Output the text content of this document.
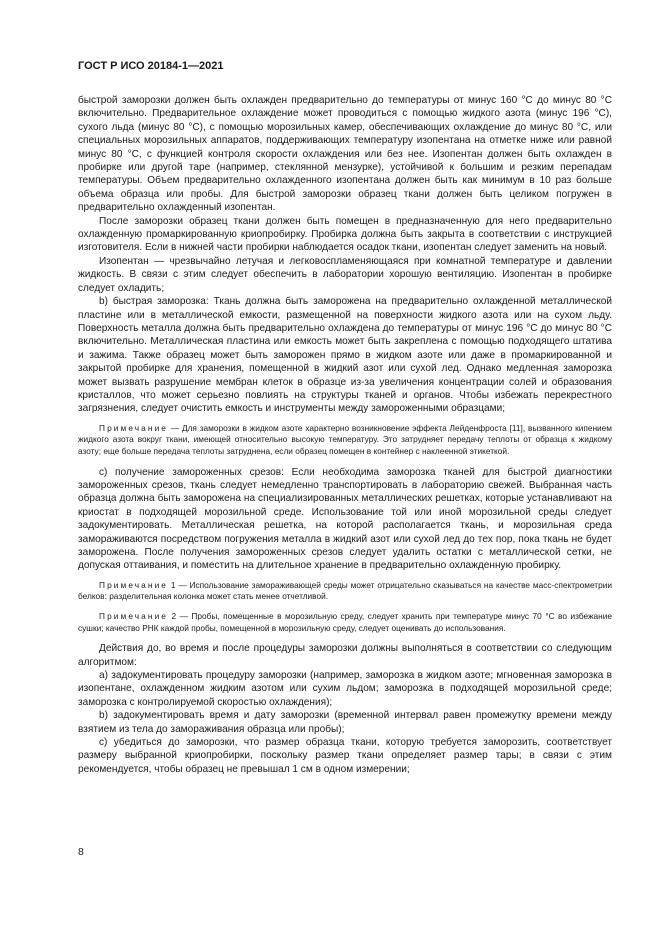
ГОСТ Р ИСО 20184-1—2021

быстрой заморозки должен быть охлажден предварительно до температуры от минус 160 °С до минус 80 °С включительно. Предварительное охлаждение может проводиться с помощью жидкого азота (минус 196 °С), сухого льда (минус 80 °С), с помощью морозильных камер, обеспечивающих охлаждение до минус 80 °С, или специальных морозильных аппаратов, поддерживающих температуру изопентана на отметке ниже или равной минус 80 °С, с функцией контроля скорости охлаждения или без нее. Изопентан должен быть охлажден в пробирке или другой таре (например, стеклянной мензурке), устойчивой к большим и резким перепадам температуры. Объем предварительно охлажденного изопентана должен быть как минимум в 10 раз больше объема образца или пробы. Для быстрой заморозки образец ткани должен быть целиком погружен в предварительно охлажденный изопентан.

После заморозки образец ткани должен быть помещен в предназначенную для него предварительно охлажденную промаркированную криопробирку. Пробирка должна быть закрыта в соответствии с инструкцией изготовителя. Если в нижней части пробирки наблюдается осадок ткани, изопентан следует заменить на новый.

Изопентан — чрезвычайно летучая и легковоспламеняющаяся при комнатной температуре и давлении жидкость. В связи с этим следует обеспечить в лаборатории хорошую вентиляцию. Изопентан в пробирке следует охладить;

b) быстрая заморозка: Ткань должна быть заморожена на предварительно охлажденной металлической пластине или в металлической емкости, размещенной на поверхности жидкого азота или на сухом льду. Поверхность металла должна быть предварительно охлаждена до температуры от минус 196 °С до минус 80 °С включительно. Металлическая пластина или емкость может быть закреплена с помощью подходящего штатива и зажима. Также образец может быть заморожен прямо в жидком азоте или даже в промаркированной и закрытой пробирке для хранения, помещенной в жидкий азот или сухой лед. Однако медленная заморозка может вызвать разрушение мембран клеток в образце из-за увеличения концентрации солей и образования кристаллов, что может серьезно повлиять на структуры тканей и органов. Чтобы избежать перекрестного загрязнения, следует очистить емкость и инструменты между замороженными образцами;

Примечание — Для заморозки в жидком азоте характерно возникновение эффекта Лейденфроста [11], вызванного кипением жидкого азота вокруг ткани, имеющей относительно высокую температуру. Это затрудняет передачу теплоты от образца к жидкому азоту; еще больше передача теплоты затруднена, если образец помещен в контейнер с наклеенной этикеткой.

c) получение замороженных срезов: Если необходима заморозка тканей для быстрой диагностики замороженных срезов, ткань следует немедленно транспортировать в лабораторию свежей. Выбранная часть образца должна быть заморожена на специализированных металлических решетках, которые устанавливают на криостат в подходящей морозильной среде. Использование той или иной морозильной среды следует задокументировать. Металлическая решетка, на которой располагается ткань, и морозильная среда замораживаются посредством погружения металла в жидкий азот или сухой лед до тех пор, пока ткань не будет заморожена. После получения замороженных срезов следует удалить остатки с металлической сетки, не допуская оттаивания, и поместить на длительное хранение в предварительно охлажденную пробирку.

Примечание 1 — Использование замораживающей среды может отрицательно сказываться на качестве масс-спектрометрии белков: разделительная колонка может стать менее отчетливой.

Примечание 2 — Пробы, помещенные в морозильную среду, следует хранить при температуре минус 70 °С во избежание сушки; качество РНК каждой пробы, помещенной в морозильную среду, следует оценивать до использования.

Действия до, во время и после процедуры заморозки должны выполняться в соответствии со следующим алгоритмом:

a) задокументировать процедуру заморозки (например, заморозка в жидком азоте; мгновенная заморозка в изопентане, охлажденном жидким азотом или сухим льдом; заморозка в подходящей морозильной среде; заморозка с контролируемой скоростью охлаждения);

b) задокументировать время и дату заморозки (временной интервал равен промежутку времени между взятием из тела до замораживания образца или пробы);

c) убедиться до заморозки, что размер образца ткани, которую требуется заморозить, соответствует размеру выбранной криопробирки, поскольку размер ткани определяет размер тары; в связи с этим рекомендуется, чтобы образец не превышал 1 см в одном измерении;

8
